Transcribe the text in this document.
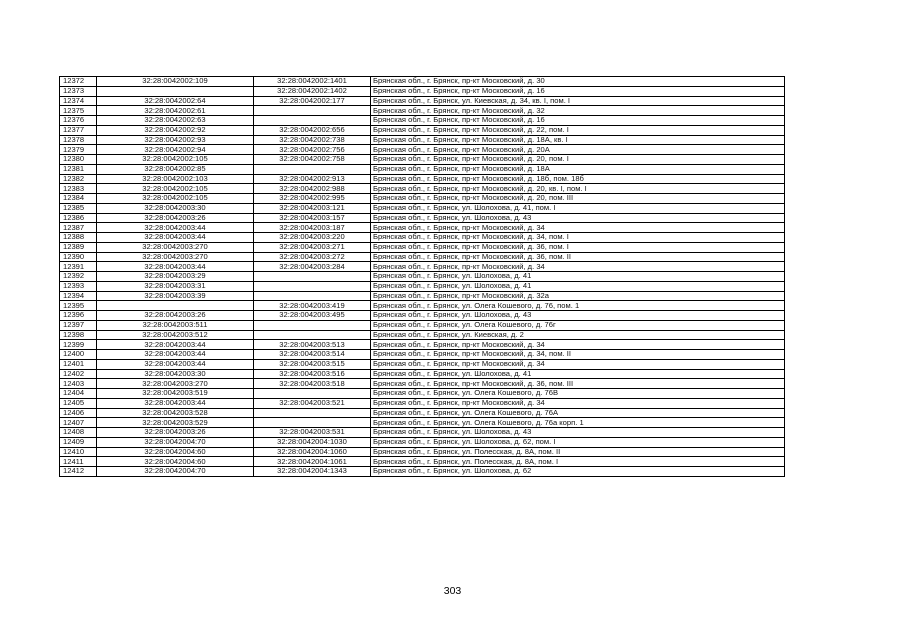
12372	32:28:0042002:109	32:28:0042002:1401	Брянская обл., г. Брянск, пр-кт Московский, д. 30
12373		32:28:0042002:1402	Брянская обл., г. Брянск, пр-кт Московский, д. 16
12374	32:28:0042002:64	32:28:0042002:177	Брянская обл., г. Брянск, ул. Киевская, д. 34, кв. I, пом. I
12375	32:28:0042002:61		Брянская обл., г. Брянск, пр-кт Московский, д. 32
12376	32:28:0042002:63		Брянская обл., г. Брянск, пр-кт Московский, д. 16
12377	32:28:0042002:92	32:28:0042002:656	Брянская обл., г. Брянск, пр-кт Московский, д. 22, пом. I
12378	32:28:0042002:93	32:28:0042002:738	Брянская обл., г. Брянск, пр-кт Московский, д. 18А, кв. I
12379	32:28:0042002:94	32:28:0042002:756	Брянская обл., г. Брянск, пр-кт Московский, д. 20А
12380	32:28:0042002:105	32:28:0042002:758	Брянская обл., г. Брянск, пр-кт Московский, д. 20, пом. I
12381	32:28:0042002:85		Брянская обл., г. Брянск, пр-кт Московский, д. 18А
12382	32:28:0042002:103	32:28:0042002:913	Брянская обл., г. Брянск, пр-кт Московский, д. 18б, пом. 18б
12383	32:28:0042002:105	32:28:0042002:988	Брянская обл., г. Брянск, пр-кт Московский, д. 20, кв. I, пом. I
12384	32:28:0042002:105	32:28:0042002:995	Брянская обл., г. Брянск, пр-кт Московский, д. 20, пом. III
12385	32:28:0042003:30	32:28:0042003:121	Брянская обл., г. Брянск, ул. Шолохова, д. 41, пом. I
12386	32:28:0042003:26	32:28:0042003:157	Брянская обл., г. Брянск, ул. Шолохова, д. 43
12387	32:28:0042003:44	32:28:0042003:187	Брянская обл., г. Брянск, пр-кт Московский, д. 34
12388	32:28:0042003:44	32:28:0042003:220	Брянская обл., г. Брянск, пр-кт Московский, д. 34, пом. I
12389	32:28:0042003:270	32:28:0042003:271	Брянская обл., г. Брянск, пр-кт Московский, д. 36, пом. I
12390	32:28:0042003:270	32:28:0042003:272	Брянская обл., г. Брянск, пр-кт Московский, д. 36, пом. II
12391	32:28:0042003:44	32:28:0042003:284	Брянская обл., г. Брянск, пр-кт Московский, д. 34
12392	32:28:0042003:29		Брянская обл., г. Брянск, ул. Шолохова, д. 41
12393	32:28:0042003:31		Брянская обл., г. Брянск, ул. Шолохова, д. 41
12394	32:28:0042003:39		Брянская обл., г. Брянск, пр-кт Московский, д. 32а
12395		32:28:0042003:419	Брянская обл., г. Брянск, ул. Олега Кошевого, д. 76, пом. 1
12396	32:28:0042003:26	32:28:0042003:495	Брянская обл., г. Брянск, ул. Шолохова, д. 43
12397	32:28:0042003:511		Брянская обл., г. Брянск, ул. Олега Кошевого, д. 76г
12398	32:28:0042003:512		Брянская обл., г. Брянск, ул. Киевская, д. 2
12399	32:28:0042003:44	32:28:0042003:513	Брянская обл., г. Брянск, пр-кт Московский, д. 34
12400	32:28:0042003:44	32:28:0042003:514	Брянская обл., г. Брянск, пр-кт Московский, д. 34, пом. II
12401	32:28:0042003:44	32:28:0042003:515	Брянская обл., г. Брянск, пр-кт Московский, д. 34
12402	32:28:0042003:30	32:28:0042003:516	Брянская обл., г. Брянск, ул. Шолохова, д. 41
12403	32:28:0042003:270	32:28:0042003:518	Брянская обл., г. Брянск, пр-кт Московский, д. 36, пом. III
12404	32:28:0042003:519		Брянская обл., г. Брянск, ул. Олега Кошевого, д. 76В
12405	32:28:0042003:44	32:28:0042003:521	Брянская обл., г. Брянск, пр-кт Московский, д. 34
12406	32:28:0042003:528		Брянская обл., г. Брянск, ул. Олега Кошевого, д. 76А
12407	32:28:0042003:529		Брянская обл., г. Брянск, ул. Олега Кошевого, д. 76а корп. 1
12408	32:28:0042003:26	32:28:0042003:531	Брянская обл., г. Брянск, ул. Шолохова, д. 43
12409	32:28:0042004:70	32:28:0042004:1030	Брянская обл., г. Брянск, ул. Шолохова, д. 62, пом. I
12410	32:28:0042004:60	32:28:0042004:1060	Брянская обл., г. Брянск, ул. Полесская, д. 8А, пом. II
12411	32:28:0042004:60	32:28:0042004:1061	Брянская обл., г. Брянск, ул. Полесская, д. 8А, пом. I
12412	32:28:0042004:70	32:28:0042004:1343	Брянская обл., г. Брянск, ул. Шолохова, д. 62
303
